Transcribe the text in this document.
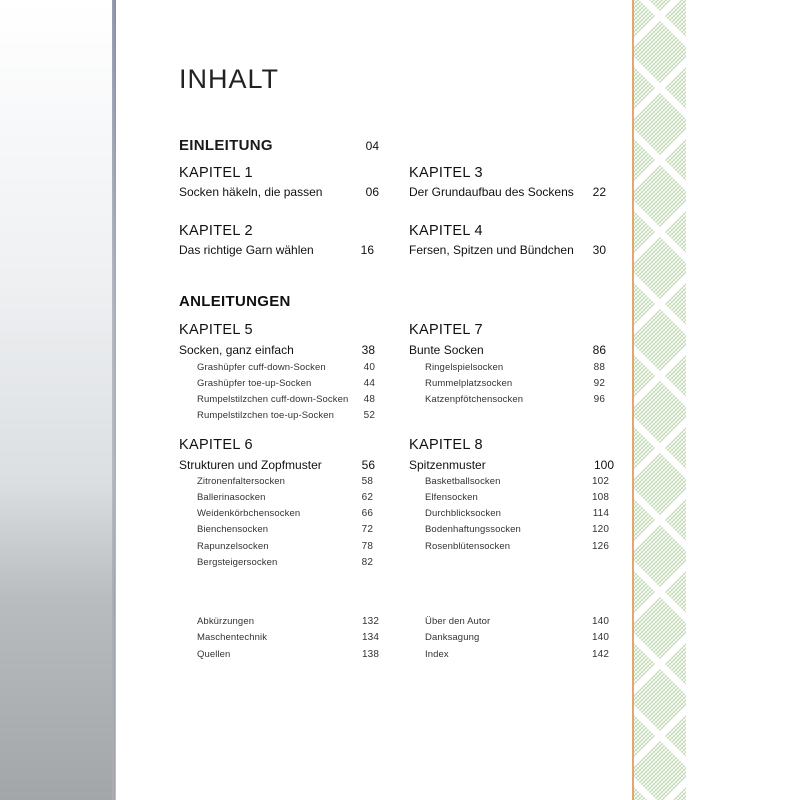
INHALT
EINLEITUNG	04
KAPITEL 1
Socken häkeln, die passen	06
KAPITEL 2
Das richtige Garn wählen	16
KAPITEL 3
Der Grundaufbau des Sockens 22
KAPITEL 4
Fersen, Spitzen und Bündchen 30
ANLEITUNGEN
KAPITEL 5
Socken, ganz einfach	38
Grashüpfer cuff-down-Socken	40
Grashüpfer toe-up-Socken	44
Rumpelstilzchen cuff-down-Socken 48
Rumpelstilzchen toe-up-Socken	52
KAPITEL 6
Strukturen und Zopfmuster	56
Zitronenfaltersocken	58
Ballerinasocken	62
Weidenkörbchensocken	66
Bienchensocken	72
Rapunzelsocken	78
Bergsteigersocken	82
KAPITEL 7
Bunte Socken	86
Ringelspielsocken	88
Rummelplatzsocken	92
Katzenpfötchensocken	96
KAPITEL 8
Spitzenmuster	100
Basketballsocken	102
Elfensocken	108
Durchblicksocken	114
Bodenhaftungssocken	120
Rosenblütensocken	126
Abkürzungen	132
Maschentechnik	134
Quellen	138
Über den Autor	140
Danksagung	140
Index	142
